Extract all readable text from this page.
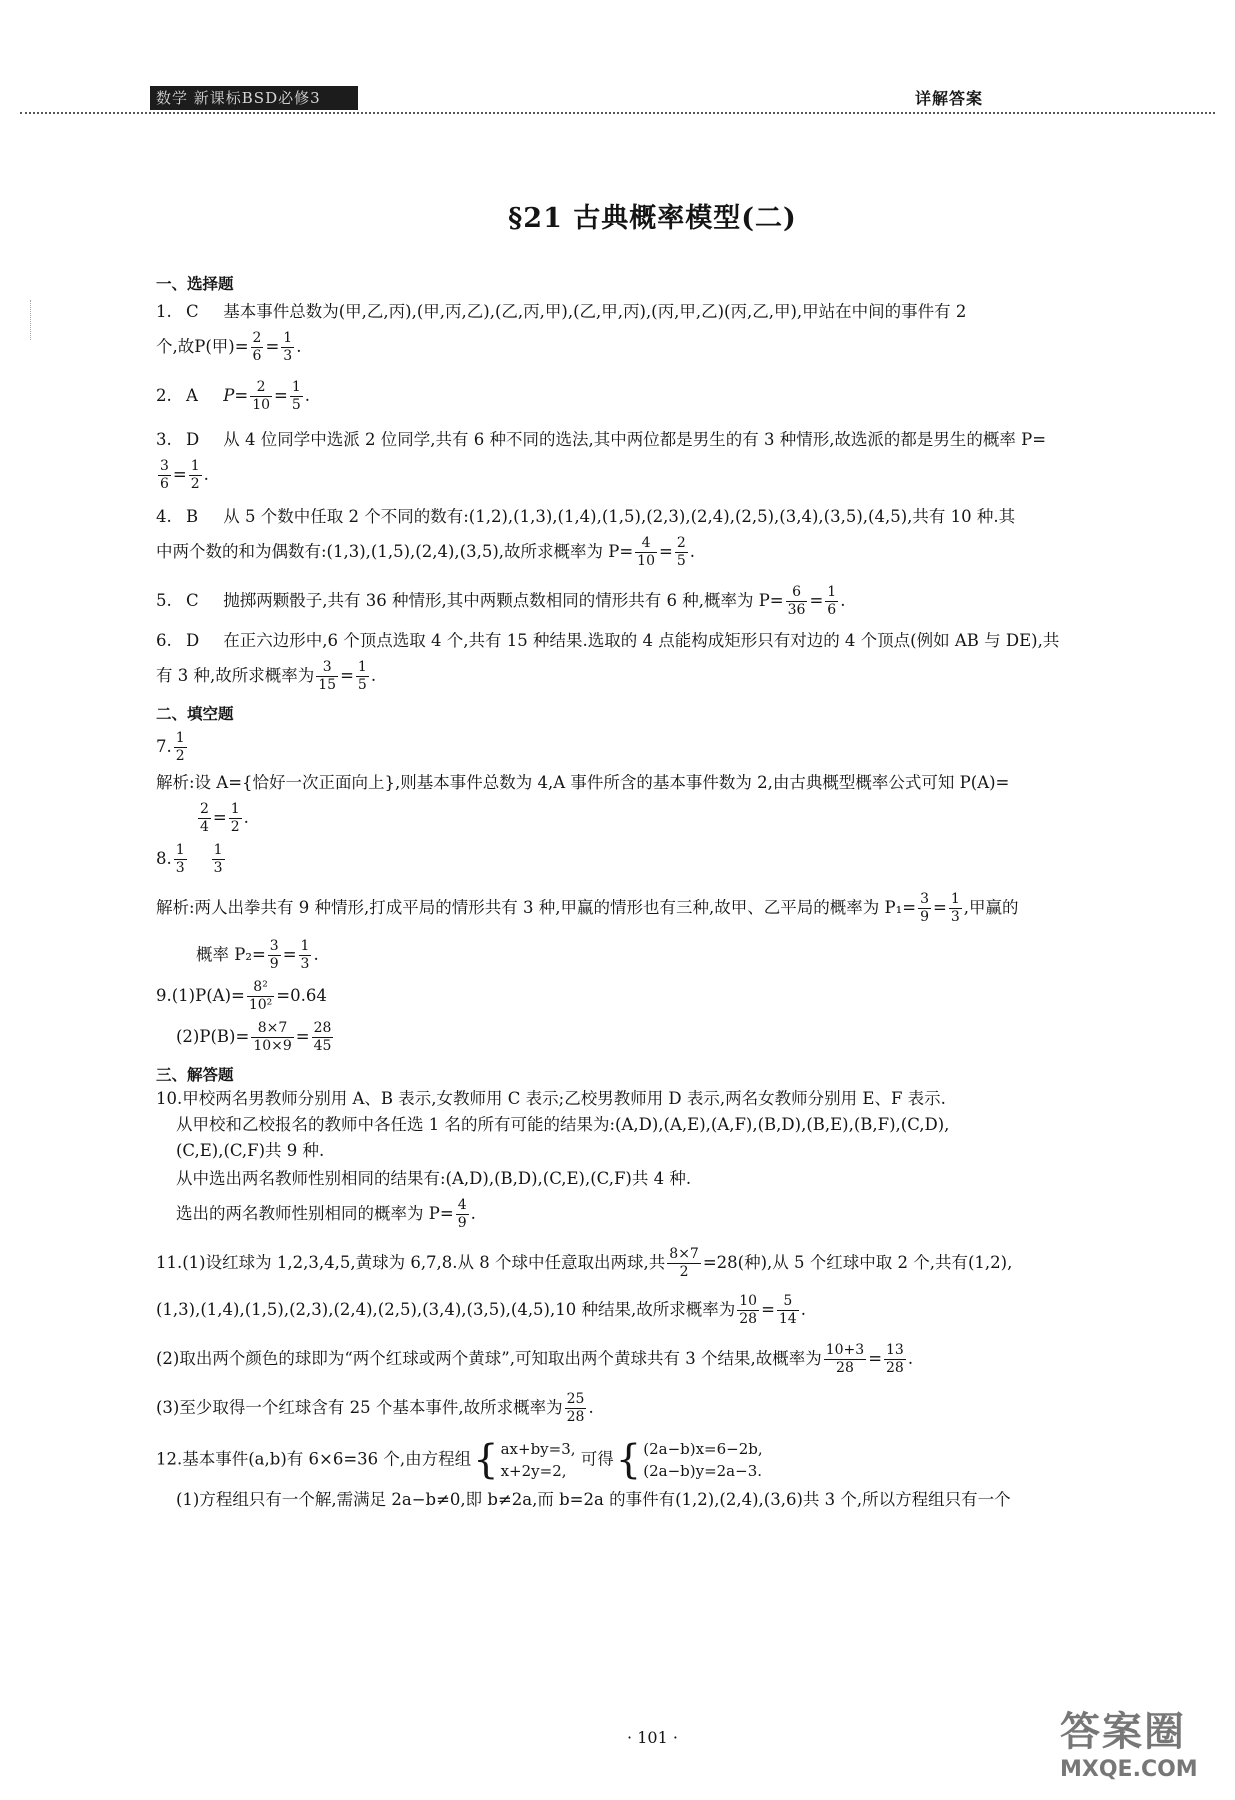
数学 新课标BSD必修3	详解答案
§21 古典概率模型(二)
一、选择题
1. C 基本事件总数为(甲,乙,丙),(甲,丙,乙),(乙,丙,甲),(乙,甲,丙),(丙,甲,乙)(丙,乙,甲),甲站在中间的事件有 2
个,故P(甲)= $\frac{2}{6} = \frac{1}{3}$ .
2. A $P= \frac{2}{10} = \frac{1}{5}$ .
3. D 从 4 位同学中选派 2 位同学,共有 6 种不同的选法,其中两位都是男生的有 3 种情形,故选派的都是男生的概率 P=
$\frac{3}{6} = \frac{1}{2}$ .
4. B 从 5 个数中任取 2 个不同的数有:(1,2),(1,3),(1,4),(1,5),(2,3),(2,4),(2,5),(3,4),(3,5),(4,5),共有 10 种.其
中两个数的和为偶数有:(1,3),(1,5),(2,4),(3,5),故所求概率为 $P= \frac{4}{10} = \frac{2}{5}$ .
5. C 抛掷两颗骰子,共有 36 种情形,其中两颗点数相同的情形共有 6 种,概率为 $P= \frac{6}{36} = \frac{1}{6}$ .
6. D 在正六边形中,6 个顶点选取 4 个,共有 15 种结果.选取的 4 点能构成矩形只有对边的 4 个顶点(例如 AB 与 DE),共
有 3 种,故所求概率为 $\frac{3}{15} = \frac{1}{5}$ .
二、填空题
7. $\frac{1}{2}$
解析:设 A={恰好一次正面向上},则基本事件总数为 4,A 事件所含的基本事件数为 2,由古典概型概率公式可知 P(A)=
$\frac{2}{4} = \frac{1}{2}$ .
8. $\frac{1}{3}$
$\frac{1}{3}$
解析:两人出拳共有 9 种情形,打成平局的情形共有 3 种,甲赢的情形也有三种,故甲、乙平局的概率为 $P_1= \frac{3}{9} = \frac{1}{3}$ ,甲赢的
概率 $P_2= \frac{3}{9} = \frac{1}{3}$ .
$9.(1)P(A)= \frac{\text{8²}}{\text{10²}} =0.64$
$(2)P(B)= \frac{8\times 7}{10\times 9} = \frac{28}{45}$
三、解答题
10.甲校两名男教师分别用 A、B 表示,女教师用 C 表示;乙校男教师用 D 表示,两名女教师分别用 E、F 表示.
从甲校和乙校报名的教师中各任选 1 名的所有可能的结果为:(A,D),(A,E),(A,F),(B,D),(B,E),(B,F),(C,D),
(C,E),(C,F)共 9 种.
从中选出两名教师性别相同的结果有:(A,D),(B,D),(C,E),(C,F)共 4 种.
选出的两名教师性别相同的概率为 $P= \frac{4}{9}$ .
11.(1)设红球为 1,2,3,4,5,黄球为 6,7,8.从 8 个球中任意取出两球,共 $\frac{8\times 7}{2} =28$(种),从 5 个红球中取 2 个,共有(1,2),
(1,3),(1,4),(1,5),(2,3),(2,4),(2,5),(3,4),(3,5),(4,5),10 种结果,故所求概率为 $\frac{10}{28} = \frac{5}{14}$ .
(2)取出两个颜色的球即为“两个红球或两个黄球”,可知取出两个黄球共有 3 个结果,故概率为 $\frac{10+3}{28} = \frac{13}{28}$ .
(3)至少取得一个红球含有 25 个基本事件,故所求概率为 $\frac{25}{28}$ .
12.基本事件(a,b)有 6×6=36 个,由方程组{ ax+by=3,
x+2y=2,
可得{ (2a−b)x=6−2b,
(2a−b)y=2a−3.
(1)方程组只有一个解,需满足 2a−b≠0,即 b≠2a,而 b=2a 的事件有(1,2),(2,4),(3,6)共 3 个,所以方程组只有一个
· 101 ·	答案圈
MXQE.COM
